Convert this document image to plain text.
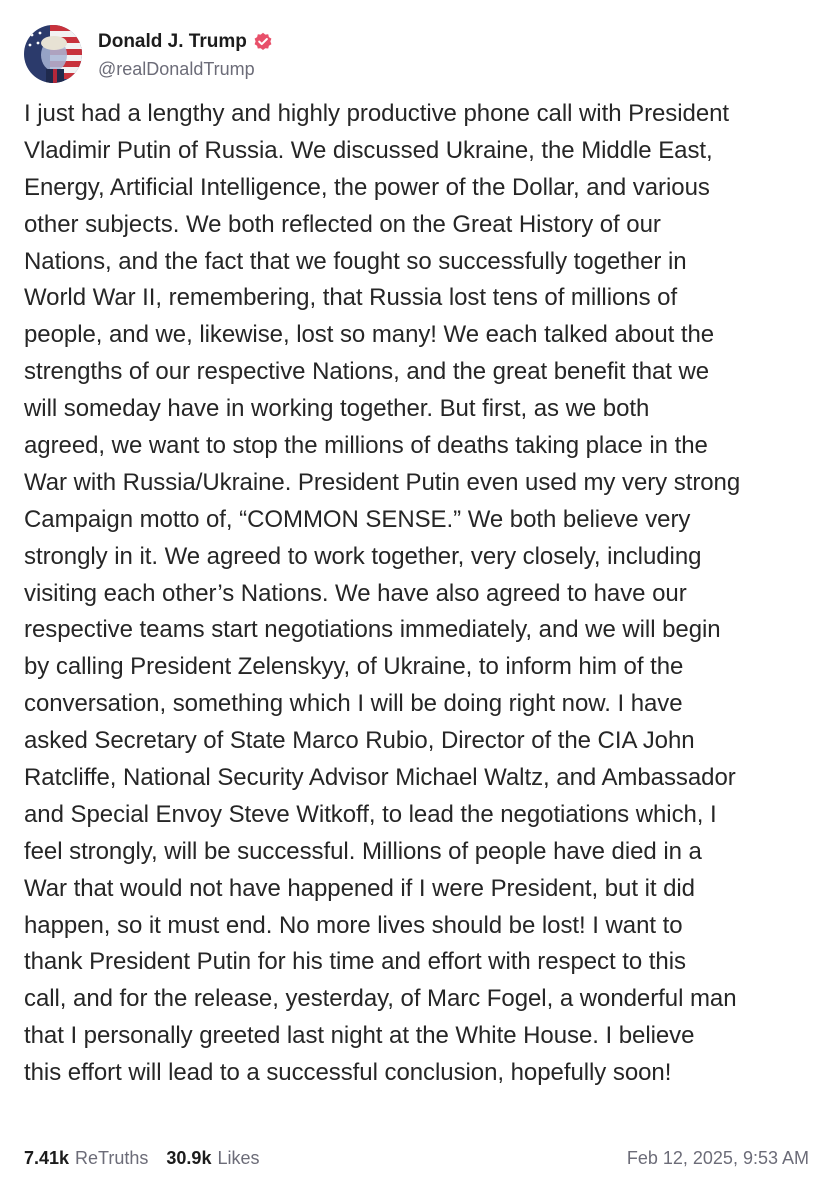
Donald J. Trump
@realDonaldTrump
I just had a lengthy and highly productive phone call with President
Vladimir Putin of Russia. We discussed Ukraine, the Middle East,
Energy, Artificial Intelligence, the power of the Dollar, and various
other subjects. We both reflected on the Great History of our
Nations, and the fact that we fought so successfully together in
World War II, remembering, that Russia lost tens of millions of
people, and we, likewise, lost so many! We each talked about the
strengths of our respective Nations, and the great benefit that we
will someday have in working together. But first, as we both
agreed, we want to stop the millions of deaths taking place in the
War with Russia/Ukraine. President Putin even used my very strong
Campaign motto of, “COMMON SENSE.” We both believe very
strongly in it. We agreed to work together, very closely, including
visiting each other’s Nations. We have also agreed to have our
respective teams start negotiations immediately, and we will begin
by calling President Zelenskyy, of Ukraine, to inform him of the
conversation, something which I will be doing right now. I have
asked Secretary of State Marco Rubio, Director of the CIA John
Ratcliffe, National Security Advisor Michael Waltz, and Ambassador
and Special Envoy Steve Witkoff, to lead the negotiations which, I
feel strongly, will be successful. Millions of people have died in a
War that would not have happened if I were President, but it did
happen, so it must end. No more lives should be lost! I want to
thank President Putin for his time and effort with respect to this
call, and for the release, yesterday, of Marc Fogel, a wonderful man
that I personally greeted last night at the White House. I believe
this effort will lead to a successful conclusion, hopefully soon!
7.41k ReTruths 30.9k Likes	Feb 12, 2025, 9:53 AM
